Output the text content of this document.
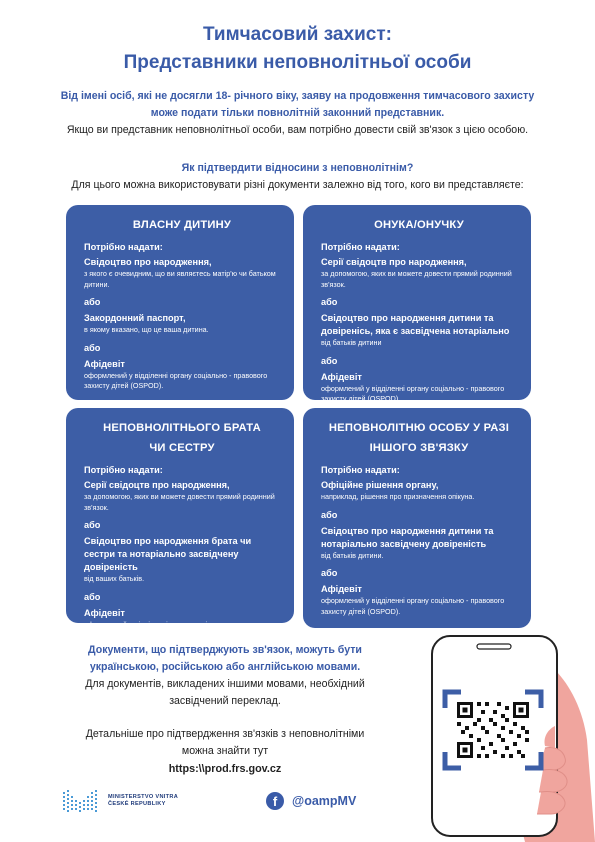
Тимчасовий захист:
Представники неповнолітньої особи
Від імені осіб, які не досягли 18- річного віку, заяву на продовження тимчасового захисту
може подати тільки повнолітній законний представник.
Якщо ви представник неповнолітньої особи, вам потрібно довести свій зв'язок з цією особою.
Як підтвердити відносини з неповнолітнім?
Для цього можна використовувати різні документи залежно від того, кого ви представляєте:
ВЛАСНУ ДИТИНУ
Потрібно надати:
Свідоцтво про народження,
з якого є очевидним, що ви являєтесь матір'ю чи батьком дитини.
або
Закордонний паспорт,
в якому вказано, що це ваша дитина.
або
Афідевіт
оформлений у відділенні органу соціально - правового захисту дітей (OSPOD).
ОНУКА/ОНУЧКУ
Потрібно надати:
Серії свідоцтв про народження,
за допомогою, яких ви можете довести прямий родинний зв'язок.
або
Свідоцтво про народження дитини та довіренісь, яка є засвідчена нотаріально
від батьків дитини
або
Афідевіт
оформлений у відділенні органу соціально - правового захисту дітей (OSPOD).
НЕПОВНОЛІТНЬОГО БРАТА
ЧИ СЕСТРУ
Потрібно надати:
Серії свідоцтв про народження,
за допомогою, яких ви можете довести прямий родинний зв'язок.
або
Свідоцтво про народження брата чи сестри та нотаріально засвідчену довіреність
від ваших батьків.
або
Афідевіт
оформлений у відділенні органу соціально - правового захисту дітей (OSPOD).
НЕПОВНОЛІТНЮ ОСОБУ У РАЗІ
ІНШОГО ЗВ'ЯЗКУ
Потрібно надати:
Офіційне рішення органу,
наприклад, рішення про призначення опікуна.
або
Свідоцтво про народження дитини та нотаріально засвідчену довіреність
від батьків дитини.
або
Афідевіт
оформлений у відділенні органу соціально - правового захисту дітей (OSPOD).
Документи, що підтверджують зв'язок, можуть бути
українською, російською або англійською мовами.
Для документів, викладених іншими мовами, необхідний
засвідчений переклад.
Детальніше про підтвердження зв'язків з неповнолітніми
можна знайти тут
https:\\prod.frs.gov.cz
MINISTERSTVO VNITRA
ČESKÉ REPUBLIKY	f	@oampMV
